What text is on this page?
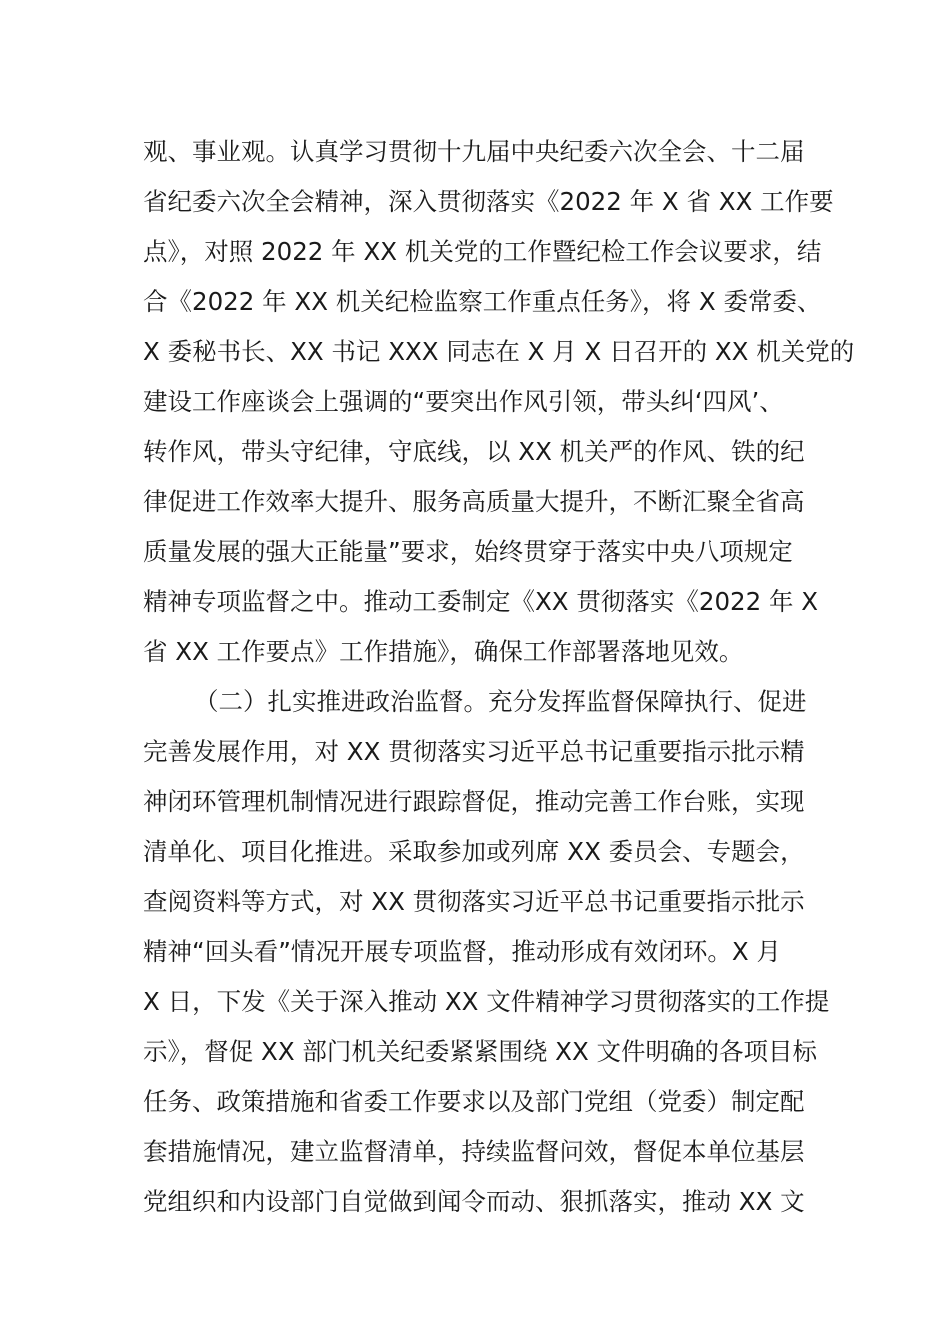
观、事业观。认真学习贯彻十九届中央纪委六次全会、十二届
省纪委六次全会精神，深入贯彻落实《2022 年 X 省 XX 工作要
点》，对照 2022 年 XX 机关党的工作暨纪检工作会议要求，结
合《2022 年 XX 机关纪检监察工作重点任务》，将 X 委常委、
X 委秘书长、XX 书记 XXX 同志在 X 月 X 日召开的 XX 机关党的
建设工作座谈会上强调的“要突出作风引领，带头纠‘四风’、
转作风，带头守纪律，守底线，以 XX 机关严的作风、铁的纪
律促进工作效率大提升、服务高质量大提升，不断汇聚全省高
质量发展的强大正能量”要求，始终贯穿于落实中央八项规定
精神专项监督之中。推动工委制定《XX 贯彻落实《2022 年 X
省 XX 工作要点》工作措施》，确保工作部署落地见效。
（二）扎实推进政治监督。充分发挥监督保障执行、促进
完善发展作用，对 XX 贯彻落实习近平总书记重要指示批示精
神闭环管理机制情况进行跟踪督促，推动完善工作台账，实现
清单化、项目化推进。采取参加或列席 XX 委员会、专题会，
查阅资料等方式，对 XX 贯彻落实习近平总书记重要指示批示
精神“回头看”情况开展专项监督，推动形成有效闭环。X 月
X 日，下发《关于深入推动 XX 文件精神学习贯彻落实的工作提
示》，督促 XX 部门机关纪委紧紧围绕 XX 文件明确的各项目标
任务、政策措施和省委工作要求以及部门党组（党委）制定配
套措施情况，建立监督清单，持续监督问效，督促本单位基层
党组织和内设部门自觉做到闻令而动、狠抓落实，推动 XX 文
